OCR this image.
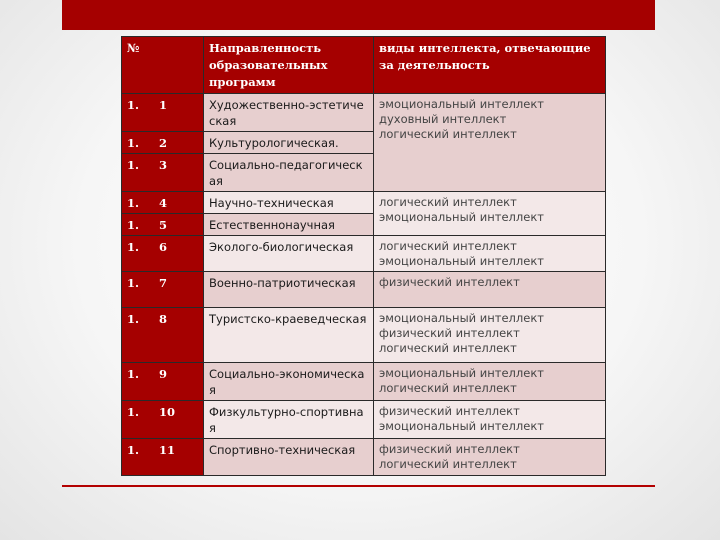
№	Направленность образовательных программ	виды интеллекта, отвечающие за деятельность
1.	1	Художественно-эстетическая	эмоциональный интеллект
духовный интеллект
логический интеллект

1.	2	Культурологическая.	
1.	3	Социально-педагогическая	
1.	4	Научно-техническая	логический интеллект
эмоциональный интеллект

1.	5	Естественнонаучная	
1.	6	Эколого-биологическая	логический интеллект
эмоциональный интеллект

1.	7	Военно-патриотическая	физический интеллект

1.	8	Туристско-краеведческая	эмоциональный интеллект
физический интеллект
логический интеллект

1.	9	Социально-экономическая	эмоциональный интеллект
логический интеллект

1.	10	Физкультурно-спортивная	физический интеллект
эмоциональный интеллект

1.	11	Спортивно-техническая	физический интеллект
логический интеллект
